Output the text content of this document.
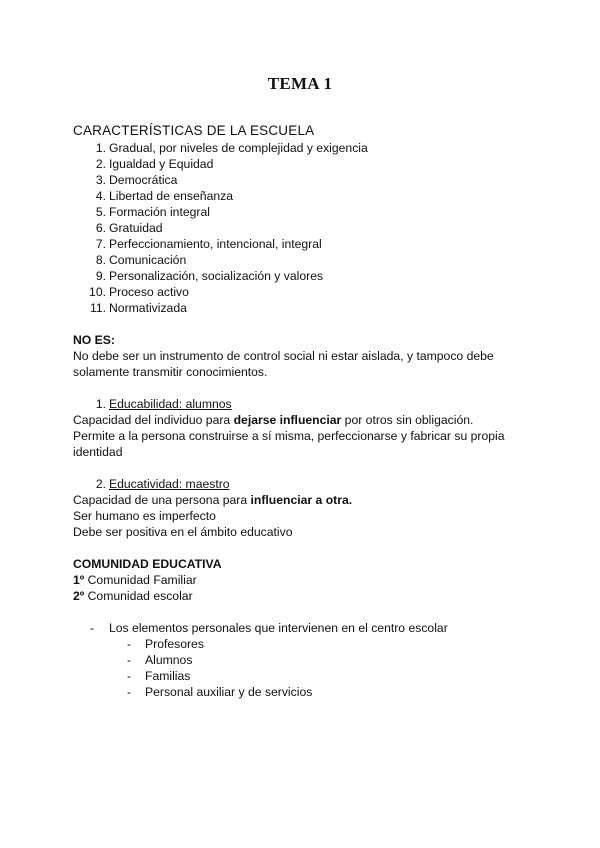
TEMA 1
CARACTERÍSTICAS DE LA ESCUELA
1. Gradual, por niveles de complejidad y exigencia
2. Igualdad y Equidad
3. Democrática
4. Libertad de enseñanza
5. Formación integral
6. Gratuidad
7. Perfeccionamiento, intencional, integral
8. Comunicación
9. Personalización, socialización y valores
10. Proceso activo
11. Normativizada
NO ES:
No debe ser un instrumento de control social ni estar aislada, y tampoco debe
solamente transmitir conocimientos.
1. Educabilidad: alumnos
Capacidad del individuo para dejarse influenciar por otros sin obligación.
Permite a la persona construirse a sí misma, perfeccionarse y fabricar su propia
identidad
2. Educatividad: maestro
Capacidad de una persona para influenciar a otra.
Ser humano es imperfecto
Debe ser positiva en el ámbito educativo
COMUNIDAD EDUCATIVA
1º Comunidad Familiar
2º Comunidad escolar
- Los elementos personales que intervienen en el centro escolar
- Profesores
- Alumnos
- Familias
- Personal auxiliar y de servicios
